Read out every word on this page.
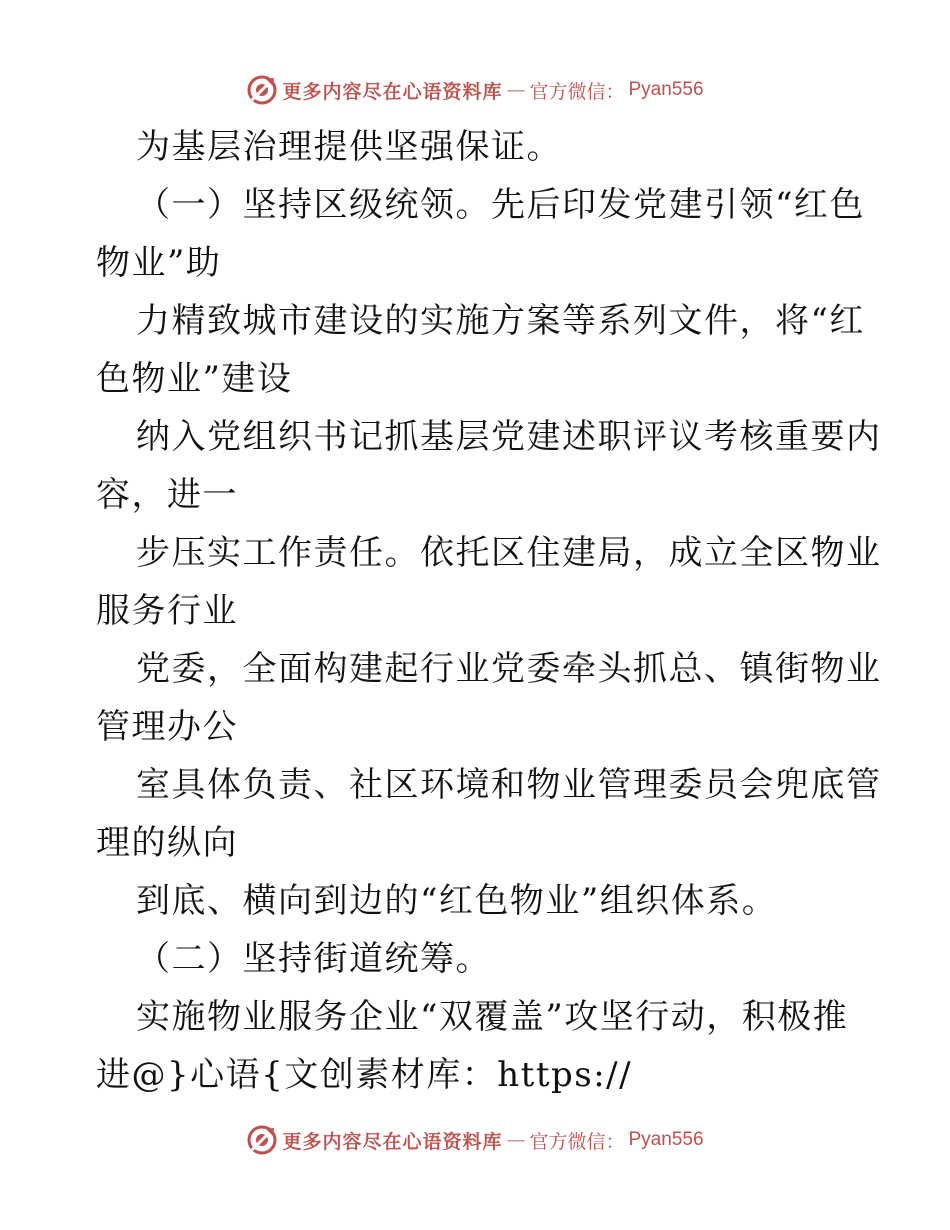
更多内容尽在心语资料库 — 官方微信： Pyan556
为基层治理提供坚强保证。
（一）坚持区级统领。先后印发党建引领“红色
物业”助
力精致城市建设的实施方案等系列文件，将“红
色物业”建设
纳入党组织书记抓基层党建述职评议考核重要内
容，进一
步压实工作责任。依托区住建局，成立全区物业
服务行业
党委，全面构建起行业党委牵头抓总、镇街物业
管理办公
室具体负责、社区环境和物业管理委员会兜底管
理的纵向
到底、横向到边的“红色物业”组织体系。
（二）坚持街道统筹。
实施物业服务企业“双覆盖”攻坚行动，积极推
进@}心语{文创素材库：https://
更多内容尽在心语资料库 — 官方微信： Pyan556
